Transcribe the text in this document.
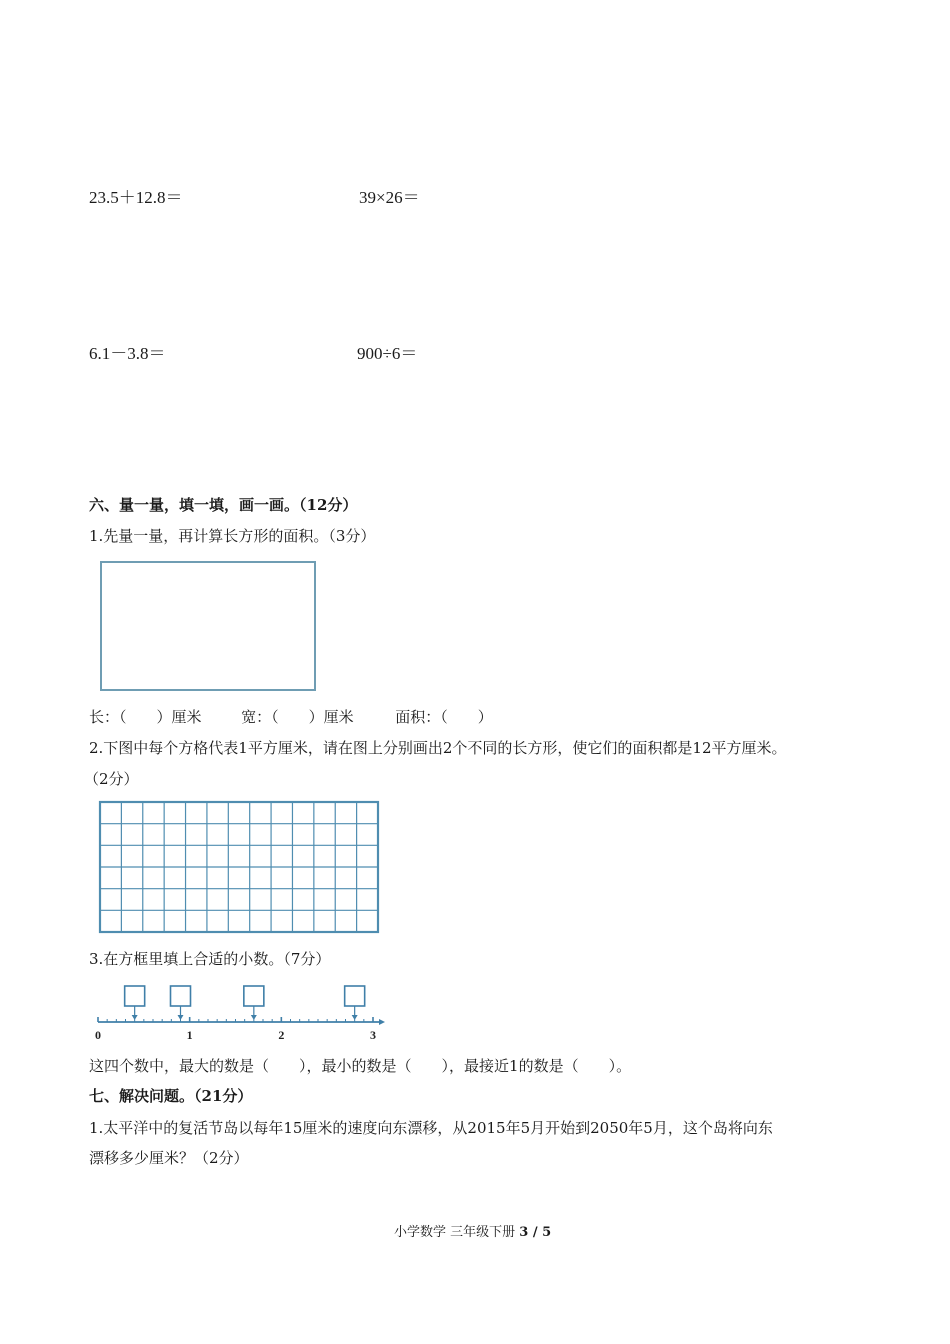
23.5＋12.8＝	39×26＝
6.1－3.8＝	900÷6＝
六、量一量，填一填，画一画。（12分）
1.先量一量，再计算长方形的面积。（3分）
长：（ ）厘米	宽：（ ）厘米	面积：（ ）
2.下图中每个方格代表1平方厘米，请在图上分别画出2个不同的长方形，使它们的面积都是12平方厘米。
（2分）
3.在方框里填上合适的小数。（7分）
0	1	2	3
这四个数中，最大的数是（ ），最小的数是（ ），最接近1的数是（ ）。
七、解决问题。（21分）
1.太平洋中的复活节岛以每年15厘米的速度向东漂移，从2015年5月开始到2050年5月，这个岛将向东
漂移多少厘米？（2分）
小学数学 三年级下册 3 / 5
